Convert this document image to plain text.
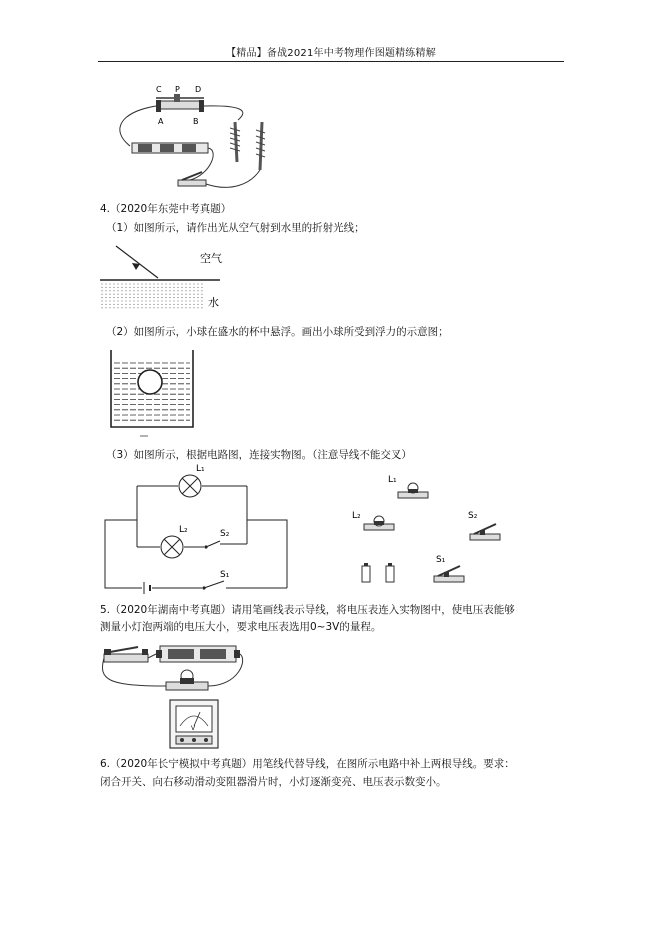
【精品】备战2021年中考物理作图题精练精解
C P D
A	B
4.（2020年东莞中考真题）
（1）如图所示，请作出光从空气射到水里的折射光线；
空气
水
（2）如图所示，小球在盛水的杯中悬浮。画出小球所受到浮力的示意图；
（3）如图所示，根据电路图，连接实物图。（注意导线不能交叉）
L₁
L₂	S₂
S₁
L₁
L₂	S₂
S₁
5.（2020年湖南中考真题）请用笔画线表示导线，将电压表连入实物图中，使电压表能够
测量小灯泡两端的电压大小，要求电压表选用0~3V的量程。
V
6.（2020年长宁模拟中考真题）用笔线代替导线，在图所示电路中补上两根导线。要求：
闭合开关、向右移动滑动变阻器滑片时，小灯逐渐变亮、电压表示数变小。
